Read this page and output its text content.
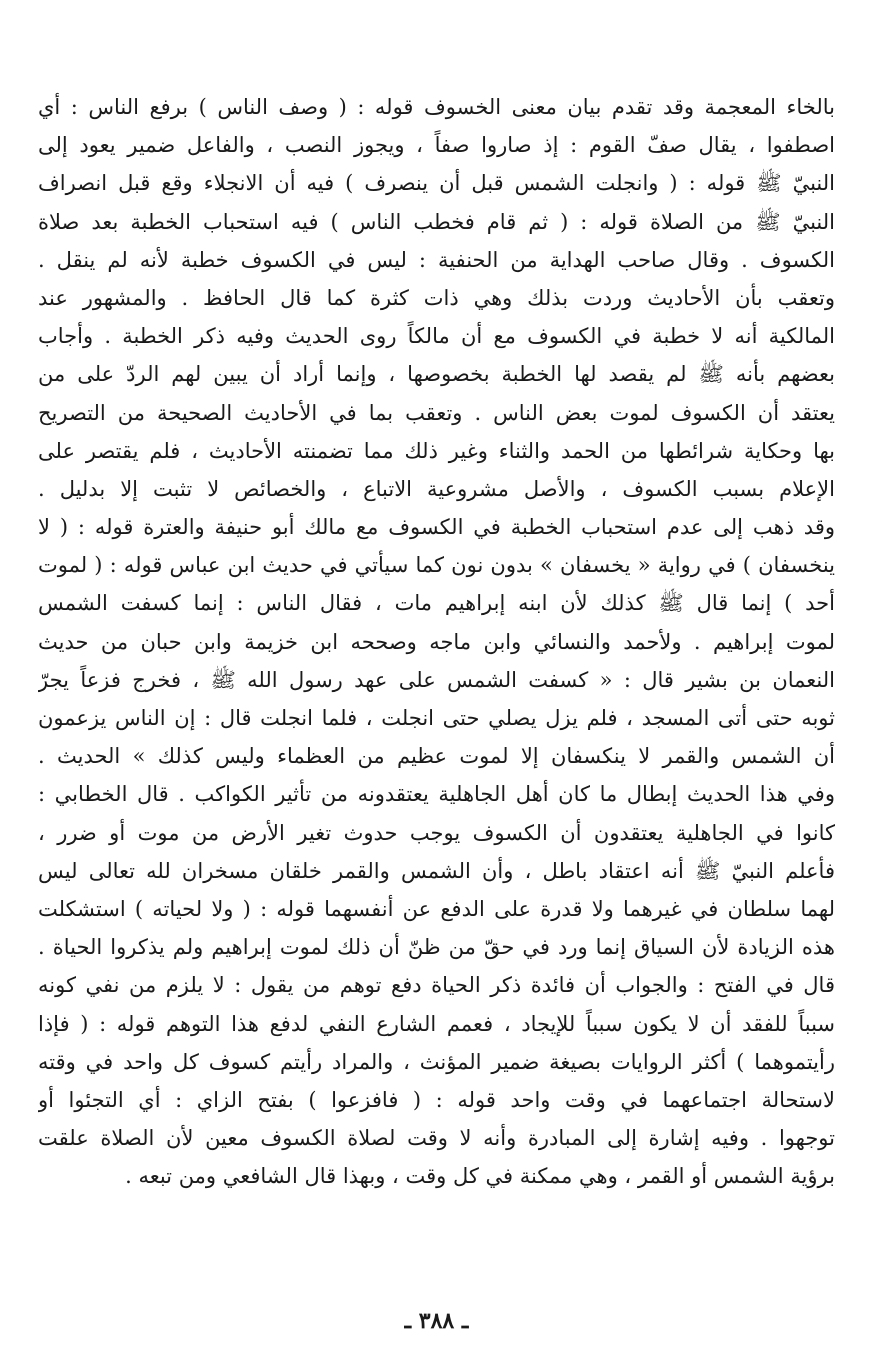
بالخاء المعجمة وقد تقدم بيان معنى الخسوف قوله : ( وصف الناس ) برفع الناس : أي
اصطفوا ، يقال صفّ القوم : إذ صاروا صفاً ، ويجوز النصب ، والفاعل ضمير يعود إلى
النبيّ ﷺ قوله : ( وانجلت الشمس قبل أن ينصرف ) فيه أن الانجلاء وقع قبل انصراف
النبيّ ﷺ من الصلاة قوله : ( ثم قام فخطب الناس ) فيه استحباب الخطبة بعد صلاة
الكسوف . وقال صاحب الهداية من الحنفية : ليس في الكسوف خطبة لأنه لم ينقل .
وتعقب بأن الأحاديث وردت بذلك وهي ذات كثرة كما قال الحافظ . والمشهور عند
المالكية أنه لا خطبة في الكسوف مع أن مالكاً روى الحديث وفيه ذكر الخطبة . وأجاب
بعضهم بأنه ﷺ لم يقصد لها الخطبة بخصوصها ، وإنما أراد أن يبين لهم الردّ على من
يعتقد أن الكسوف لموت بعض الناس . وتعقب بما في الأحاديث الصحيحة من التصريح
بها وحكاية شرائطها من الحمد والثناء وغير ذلك مما تضمنته الأحاديث ، فلم يقتصر على
الإعلام بسبب الكسوف ، والأصل مشروعية الاتباع ، والخصائص لا تثبت إلا بدليل .
وقد ذهب إلى عدم استحباب الخطبة في الكسوف مع مالك أبو حنيفة والعترة قوله : ( لا
ينخسفان ) في رواية « يخسفان » بدون نون كما سيأتي في حديث ابن عباس قوله : ( لموت
أحد ) إنما قال ﷺ كذلك لأن ابنه إبراهيم مات ، فقال الناس : إنما كسفت الشمس
لموت إبراهيم . ولأحمد والنسائي وابن ماجه وصححه ابن خزيمة وابن حبان من حديث
النعمان بن بشير قال : « كسفت الشمس على عهد رسول الله ﷺ ، فخرج فزعاً يجرّ
ثوبه حتى أتى المسجد ، فلم يزل يصلي حتى انجلت ، فلما انجلت قال : إن الناس يزعمون
أن الشمس والقمر لا ينكسفان إلا لموت عظيم من العظماء وليس كذلك » الحديث .
وفي هذا الحديث إبطال ما كان أهل الجاهلية يعتقدونه من تأثير الكواكب . قال الخطابي :
كانوا في الجاهلية يعتقدون أن الكسوف يوجب حدوث تغير الأرض من موت أو ضرر ،
فأعلم النبيّ ﷺ أنه اعتقاد باطل ، وأن الشمس والقمر خلقان مسخران لله تعالى ليس
لهما سلطان في غيرهما ولا قدرة على الدفع عن أنفسهما قوله : ( ولا لحياته ) استشكلت
هذه الزيادة لأن السياق إنما ورد في حقّ من ظنّ أن ذلك لموت إبراهيم ولم يذكروا الحياة .
قال في الفتح : والجواب أن فائدة ذكر الحياة دفع توهم من يقول : لا يلزم من نفي كونه
سبباً للفقد أن لا يكون سبباً للإيجاد ، فعمم الشارع النفي لدفع هذا التوهم قوله : ( فإذا
رأيتموهما ) أكثر الروايات بصيغة ضمير المؤنث ، والمراد رأيتم كسوف كل واحد في وقته
لاستحالة اجتماعهما في وقت واحد قوله : ( فافزعوا ) بفتح الزاي : أي التجئوا أو
توجهوا . وفيه إشارة إلى المبادرة وأنه لا وقت لصلاة الكسوف معين لأن الصلاة علقت
برؤية الشمس أو القمر ، وهي ممكنة في كل وقت ، وبهذا قال الشافعي ومن تبعه .
ـ ٣٨٨ ـ
